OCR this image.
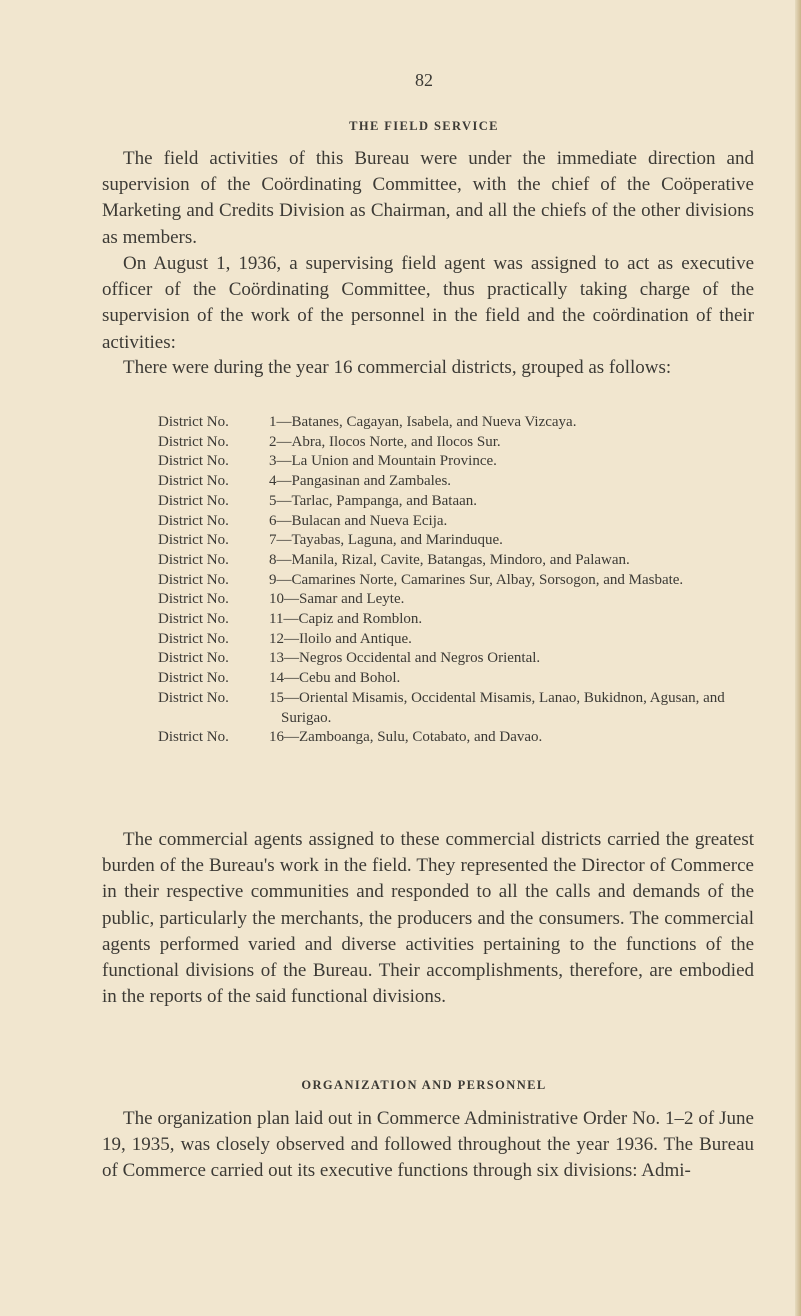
82
THE FIELD SERVICE

The field activities of this Bureau were under the immediate direction and supervision of the Coördinating Committee, with the chief of the Coöperative Marketing and Credits Division as Chairman, and all the chiefs of the other divisions as members.

On August 1, 1936, a supervising field agent was assigned to act as executive officer of the Coördinating Committee, thus practically taking charge of the supervision of the work of the personnel in the field and the coördination of their activities:

There were during the year 16 commercial districts, grouped as follows:

District No.	1—Batanes, Cagayan, Isabela, and Nueva Vizcaya.
District No.	2—Abra, Ilocos Norte, and Ilocos Sur.
District No.	3—La Union and Mountain Province.
District No.	4—Pangasinan and Zambales.
District No.	5—Tarlac, Pampanga, and Bataan.
District No.	6—Bulacan and Nueva Ecija.
District No.	7—Tayabas, Laguna, and Marinduque.
District No.	8—Manila, Rizal, Cavite, Batangas, Mindoro, and Palawan.
District No.	9—Camarines Norte, Camarines Sur, Albay, Sorsogon, and Masbate.
District No.	10—Samar and Leyte.
District No.	11—Capiz and Romblon.
District No.	12—Iloilo and Antique.
District No.	13—Negros Occidental and Negros Oriental.
District No.	14—Cebu and Bohol.
District No.	15—Oriental Misamis, Occidental Misamis, Lanao, Bukidnon, Agusan, and Surigao.
District No.	16—Zamboanga, Sulu, Cotabato, and Davao.

The commercial agents assigned to these commercial districts carried the greatest burden of the Bureau's work in the field. They represented the Director of Commerce in their respective communities and responded to all the calls and demands of the public, particularly the merchants, the producers and the consumers. The commercial agents performed varied and diverse activities pertaining to the functions of the functional divisions of the Bureau. Their accomplishments, therefore, are embodied in the reports of the said functional divisions.

ORGANIZATION AND PERSONNEL

The organization plan laid out in Commerce Administrative Order No. 1–2 of June 19, 1935, was closely observed and followed throughout the year 1936. The Bureau of Commerce carried out its executive functions through six divisions: Admi-
